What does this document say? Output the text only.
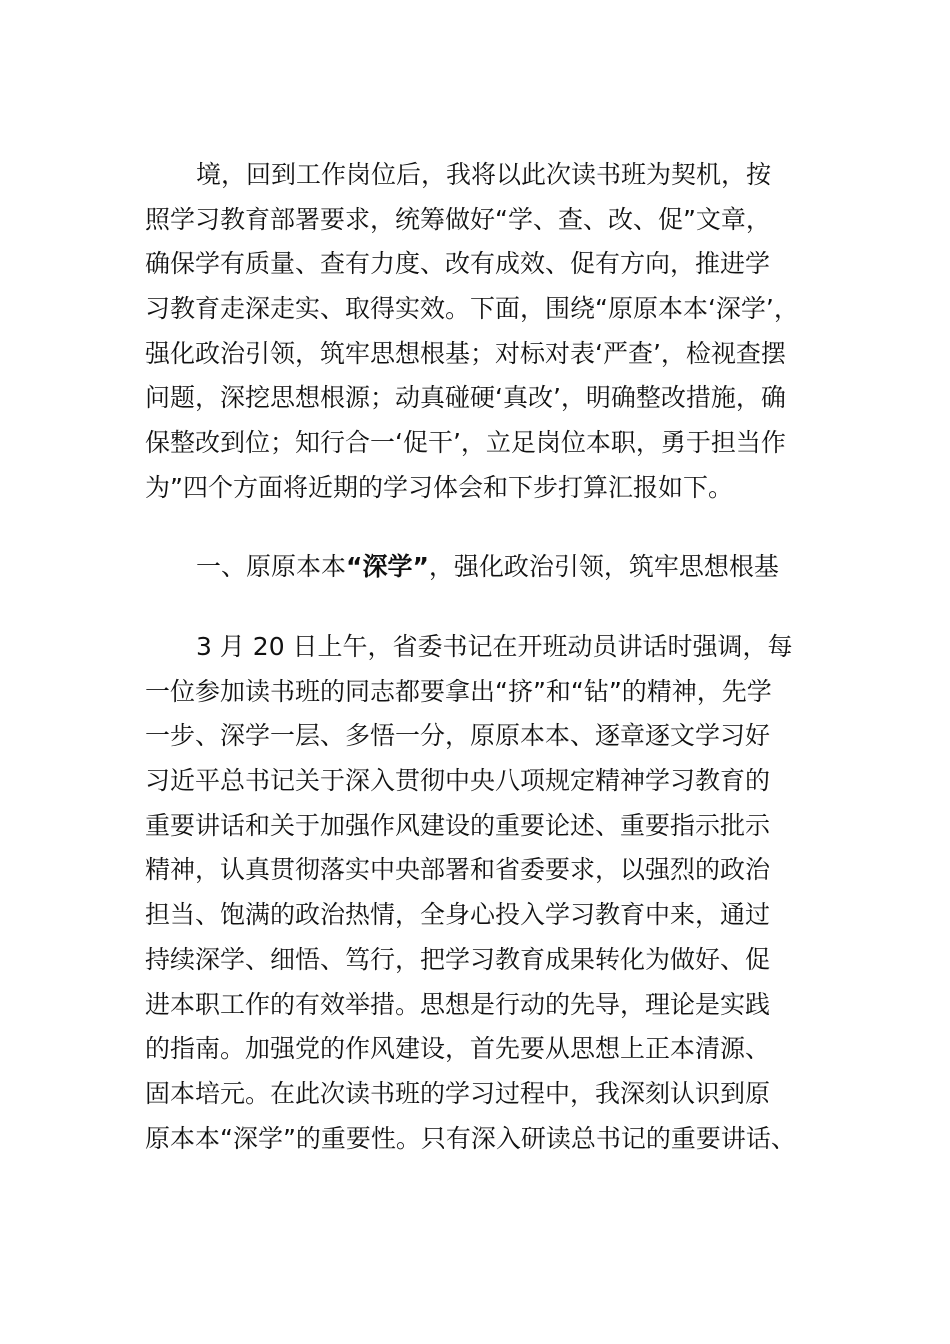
境，回到工作岗位后，我将以此次读书班为契机，按
照学习教育部署要求，统筹做好“学、查、改、促”文章，
确保学有质量、查有力度、改有成效、促有方向，推进学
习教育走深走实、取得实效。下面，围绕“原原本本‘深学’，
强化政治引领，筑牢思想根基；对标对表‘严查’，检视查摆
问题，深挖思想根源；动真碰硬‘真改’，明确整改措施，确
保整改到位；知行合一‘促干’，立足岗位本职，勇于担当作
为”四个方面将近期的学习体会和下步打算汇报如下。
一、原原本本“深学”，强化政治引领，筑牢思想根基
3 月 20 日上午，省委书记在开班动员讲话时强调，每
一位参加读书班的同志都要拿出“挤”和“钻”的精神，先学
一步、深学一层、多悟一分，原原本本、逐章逐文学习好
习近平总书记关于深入贯彻中央八项规定精神学习教育的
重要讲话和关于加强作风建设的重要论述、重要指示批示
精神，认真贯彻落实中央部署和省委要求，以强烈的政治
担当、饱满的政治热情，全身心投入学习教育中来，通过
持续深学、细悟、笃行，把学习教育成果转化为做好、促
进本职工作的有效举措。思想是行动的先导，理论是实践
的指南。加强党的作风建设，首先要从思想上正本清源、
固本培元。在此次读书班的学习过程中，我深刻认识到原
原本本“深学”的重要性。只有深入研读总书记的重要讲话、
